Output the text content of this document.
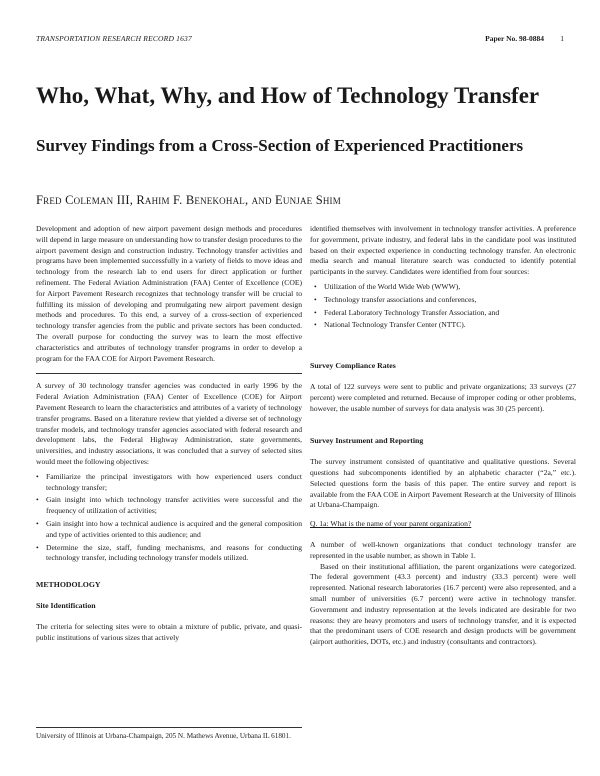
TRANSPORTATION RESEARCH RECORD 1637	Paper No. 98-0884 1
Who, What, Why, and How of Technology Transfer
Survey Findings from a Cross-Section of Experienced Practitioners
Fred Coleman III, Rahim F. Benekohal, and Eunjae Shim
Development and adoption of new airport pavement design methods and procedures will depend in large measure on understanding how to transfer design procedures to the airport pavement design and construction industry. Technology transfer activities and programs have been implemented successfully in a variety of fields to move ideas and technology from the research lab to end users for direct application or further refinement. The Federal Aviation Administration (FAA) Center of Excellence (COE) for Airport Pavement Research recognizes that technology transfer will be crucial to fulfilling its mission of developing and promulgating new airport pavement design methods and procedures. To this end, a survey of a cross-section of experienced technology transfer agencies from the public and private sectors has been conducted. The overall purpose for conducting the survey was to learn the most effective characteristics and attributes of technology transfer programs in order to develop a program for the FAA COE for Airport Pavement Research.

A survey of 30 technology transfer agencies was conducted in early 1996 by the Federal Aviation Administration (FAA) Center of Excellence (COE) for Airport Pavement Research to learn the characteristics and attributes of a variety of technology transfer programs. Based on a literature review that yielded a diverse set of technology transfer models, and technology transfer agencies associated with federal research and development labs, the Federal Highway Administration, state governments, universities, and industry associations, it was concluded that a survey of selected sites would meet the following objectives:

• Familiarize the principal investigators with how experienced users conduct technology transfer;
• Gain insight into which technology transfer activities were successful and the frequency of utilization of activities;
• Gain insight into how a technical audience is acquired and the general composition and type of activities oriented to this audience; and
• Determine the size, staff, funding mechanisms, and reasons for conducting technology transfer, including technology transfer models utilized.
METHODOLOGY
Site Identification

The criteria for selecting sites were to obtain a mixture of public, private, and quasi-public institutions of various sizes that actively

identified themselves with involvement in technology transfer activities. A preference for government, private industry, and federal labs in the candidate pool was instituted based on their expected experience in conducting technology transfer. An electronic media search and manual literature search was conducted to identify potential participants in the survey. Candidates were identified from four sources:

• Utilization of the World Wide Web (WWW),
• Technology transfer associations and conferences,
• Federal Laboratory Technology Transfer Association, and
• National Technology Transfer Center (NTTC).
Survey Compliance Rates

A total of 122 surveys were sent to public and private organizations; 33 surveys (27 percent) were completed and returned. Because of improper coding or other problems, however, the usable number of surveys for data analysis was 30 (25 percent).

Survey Instrument and Reporting

The survey instrument consisted of quantitative and qualitative questions. Several questions had subcomponents identified by an alphabetic character (“2a,” etc.). Selected questions form the basis of this paper. The entire survey and report is available from the FAA COE in Airport Pavement Research at the University of Illinois at Urbana-Champaign.

Q. 1a: What is the name of your parent organization?

A number of well-known organizations that conduct technology transfer are represented in the usable number, as shown in Table 1.

Based on their institutional affiliation, the parent organizations were categorized. The federal government (43.3 percent) and industry (33.3 percent) were well represented. National research laboratories (16.7 percent) were also represented, and a small number of universities (6.7 percent) were active in technology transfer. Government and industry representation at the levels indicated are desirable for two reasons: they are heavy promoters and users of technology transfer, and it is expected that the predominant users of COE research and design products will be government (airport authorities, DOTs, etc.) and industry (consultants and contractors).

University of Illinois at Urbana-Champaign, 205 N. Mathews Avenue, Urbana IL 61801.
